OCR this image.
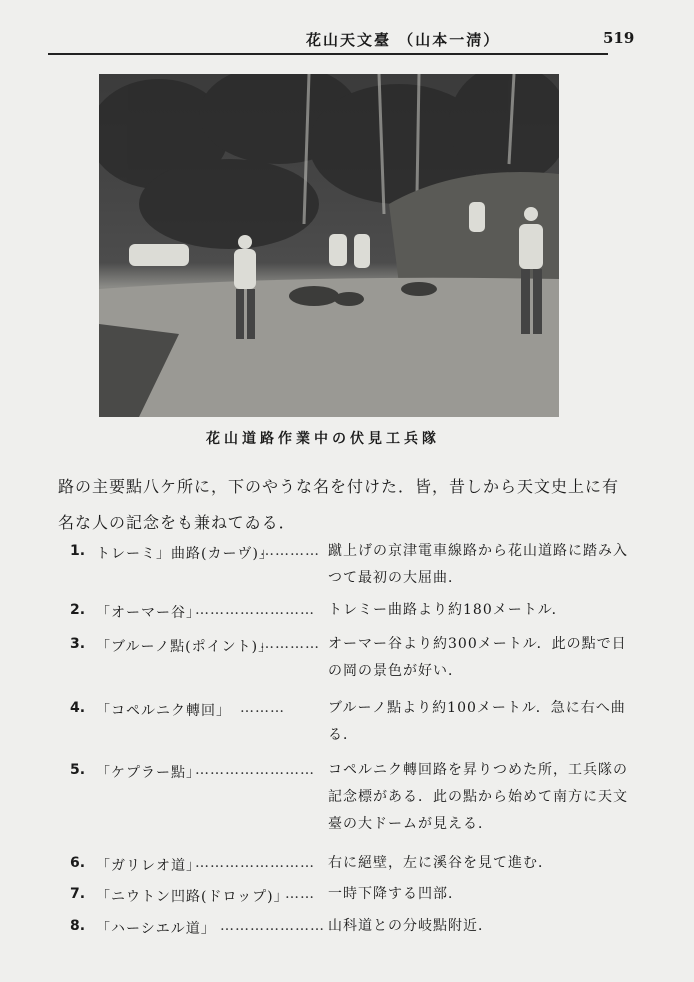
花山天文臺 （山本一淸）	519
花山道路作業中の伏見工兵隊
路の主要點八ケ所に，下のやうな名を付けた．皆，昔しから天文史上に有
名な人の記念をも兼ねてゐる．
1. トレーミ」曲路(カーヴ)」
………… 蹴上げの京津電車線路から花山道路に踏み入つて最初の大屈曲．
2. 「オーマー谷」
…………………… トレミー曲路より約180メートル．
3. 「ブルーノ點(ポイント)」
………… オーマー谷より約300メートル．此の點で日の岡の景色が好い．
4. 「コペルニク轉回」 ………	ブルーノ點より約100メートル．急に右へ曲る．
5. 「ケプラー點」
…………………… コペルニク轉回路を昇りつめた所，工兵隊の記念標がある．此の點から始めて南方に天文臺の大ドームが見える．
6. 「ガリレオ道」
…………………… 右に絕壁，左に溪谷を見て進む．
7. 「ニウトン凹路(ドロップ)」
…… 一時下降する凹部．
8. 「ハーシエル道」 ………………… 山科道との分岐點附近．
